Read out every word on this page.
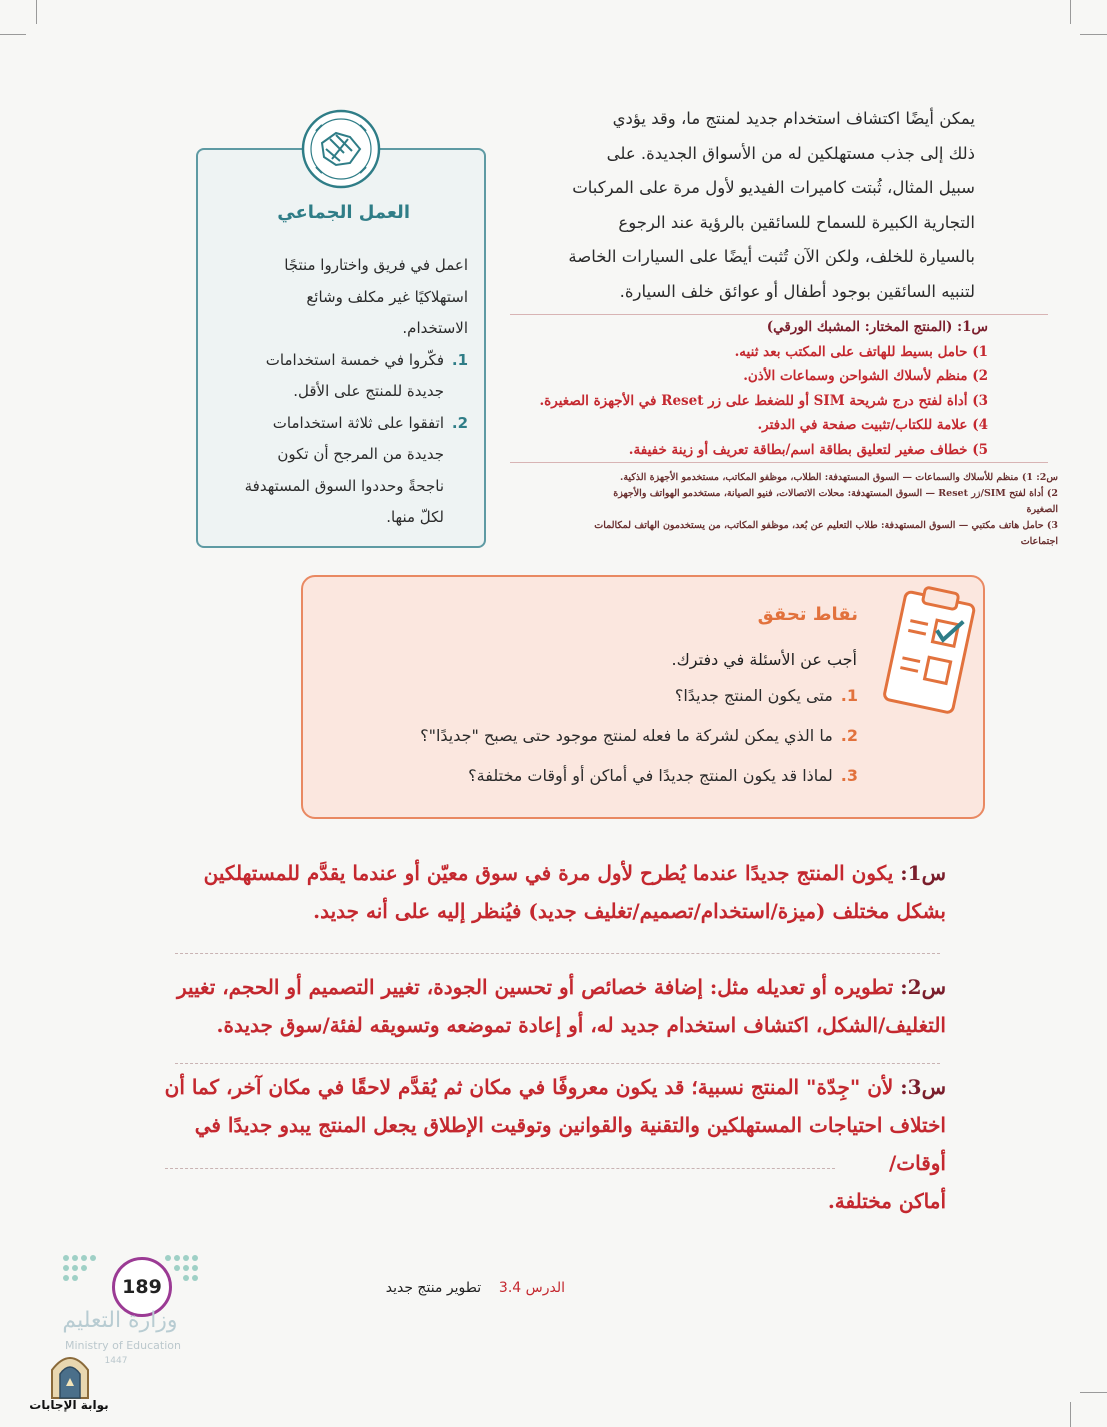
يمكن أيضًا اكتشاف استخدام جديد لمنتج ما، وقد يؤدي

ذلك إلى جذب مستهلكين له من الأسواق الجديدة. على

سبيل المثال، ثُبتت كاميرات الفيديو لأول مرة على المركبات

التجارية الكبيرة للسماح للسائقين بالرؤية عند الرجوع

بالسيارة للخلف، ولكن الآن تُثبت أيضًا على السيارات الخاصة

لتنبيه السائقين بوجود أطفال أو عوائق خلف السيارة.

العمل الجماعي

اعمل في فريق واختاروا منتجًا

استهلاكيًا غير مكلف وشائع

الاستخدام.

1.
فكّروا في خمسة استخدامات
جديدة للمنتج على الأقل.
2.
اتفقوا على ثلاثة استخدامات
جديدة من المرجح أن تكون
ناجحةً وحددوا السوق المستهدفة
لكلّ منها.
س1: (المنتج المختار: المشبك الورقي)
1) حامل بسيط للهاتف على المكتب بعد ثنيه.
2) منظم لأسلاك الشواحن وسماعات الأذن.
3) أداة لفتح درج شريحة SIM أو للضغط على زر Reset في الأجهزة الصغيرة.
4) علامة للكتاب/تثبيت صفحة في الدفتر.
5) خطاف صغير لتعليق بطاقة اسم/بطاقة تعريف أو زينة خفيفة.
س2: 1) منظم للأسلاك والسماعات — السوق المستهدفة: الطلاب، موظفو المكاتب، مستخدمو الأجهزة الذكية.
2) أداة لفتح SIM/زر Reset — السوق المستهدفة: محلات الاتصالات، فنيو الصيانة، مستخدمو الهواتف والأجهزة
الصغيرة
3) حامل هاتف مكتبي — السوق المستهدفة: طلاب التعليم عن بُعد، موظفو المكاتب، من يستخدمون الهاتف لمكالمات
اجتماعات
نقاط تحقق
أجب عن الأسئلة في دفترك.
1.متى يكون المنتج جديدًا؟
2.ما الذي يمكن لشركة ما فعله لمنتج موجود حتى يصبح "جديدًا"؟
3.لماذا قد يكون المنتج جديدًا في أماكن أو أوقات مختلفة؟
س1: يكون المنتج جديدًا عندما يُطرح لأول مرة في سوق معيّن أو عندما يقدَّم للمستهلكين
بشكل مختلف (ميزة/استخدام/تصميم/تغليف جديد) فيُنظر إليه على أنه جديد.
س2: تطويره أو تعديله مثل: إضافة خصائص أو تحسين الجودة، تغيير التصميم أو الحجم، تغيير
التغليف/الشكل، اكتشاف استخدام جديد له، أو إعادة تموضعه وتسويقه لفئة/سوق جديدة.
س3: لأن "جِدّة" المنتج نسبية؛ قد يكون معروفًا في مكان ثم يُقدَّم لاحقًا في مكان آخر، كما أن
اختلاف احتياجات المستهلكين والتقنية والقوانين وتوقيت الإطلاق يجعل المنتج يبدو جديدًا في أوقات/
أماكن مختلفة.
الدرس 3.4    تطوير منتج جديد
189
وزارة التعليم
Ministry of Education
1447
بوابة الإجابات
